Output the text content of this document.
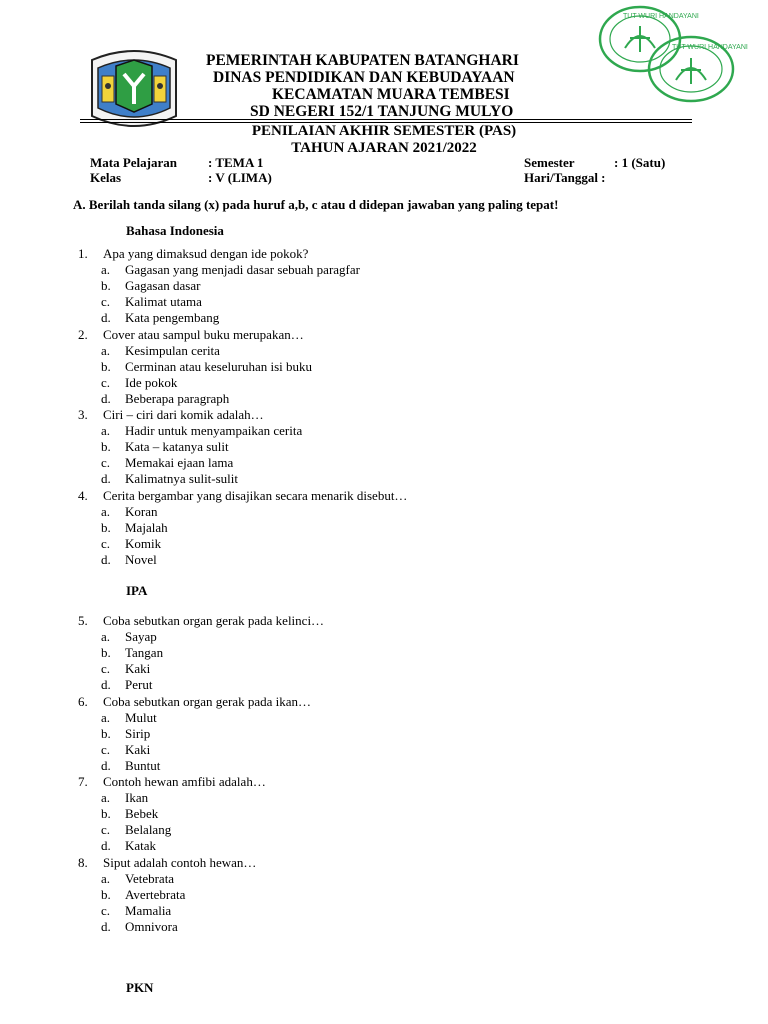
TUT WURI HANDAYANI
TUT WURI HANDAYANI
PEMERINTAH KABUPATEN BATANGHARI
DINAS PENDIDIKAN DAN KEBUDAYAAN
KECAMATAN MUARA TEMBESI
SD NEGERI 152/1 TANJUNG MULYO
PENILAIAN AKHIR SEMESTER (PAS)
TAHUN AJARAN 2021/2022
Mata Pelajaran : TEMA 1
Kelas	: V (LIMA)
Semester	: 1 (Satu)
Hari/Tanggal :
A. Berilah tanda silang (x) pada huruf a,b, c atau d didepan jawaban yang paling tepat!
Bahasa Indonesia
IPA
PKN
1.	Apa yang dimaksud dengan ide pokok?
a. Gagasan yang menjadi dasar sebuah paragfar
b. Gagasan dasar
c. Kalimat utama
d. Kata pengembang
2.	Cover atau sampul buku merupakan…
a. Kesimpulan cerita
b. Cerminan atau keseluruhan isi buku
c. Ide pokok
d. Beberapa paragraph
3.	Ciri – ciri dari komik adalah…
a. Hadir untuk menyampaikan cerita
b. Kata – katanya sulit
c. Memakai ejaan lama
d. Kalimatnya sulit-sulit
4.	Cerita bergambar yang disajikan secara menarik disebut…
a. Koran
b. Majalah
c. Komik
d. Novel
5.	Coba sebutkan organ gerak pada kelinci…
a. Sayap
b. Tangan
c. Kaki
d. Perut
6.	Coba sebutkan organ gerak pada ikan…
a. Mulut
b. Sirip
c. Kaki
d. Buntut
7.	Contoh hewan amfibi adalah…
a. Ikan
b. Bebek
c. Belalang
d. Katak
8.	Siput adalah contoh hewan…
a. Vetebrata
b. Avertebrata
c. Mamalia
d. Omnivora
